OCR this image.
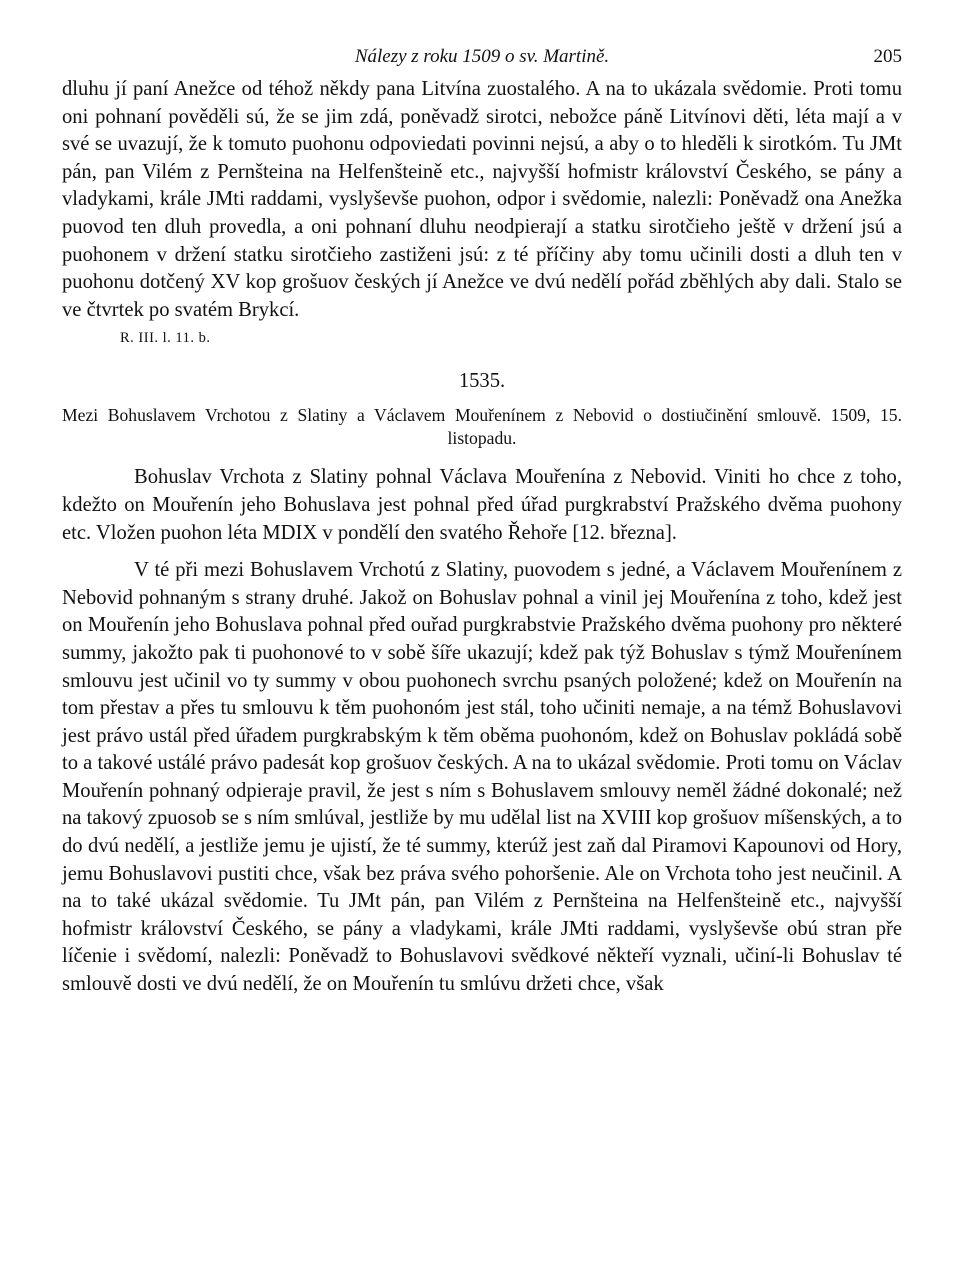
Nálezy z roku 1509 o sv. Martině.	205

dluhu jí paní Anežce od téhož někdy pana Litvína zuostalého. A na to ukázala svědomie. Proti tomu oni pohnaní pověděli sú, že se jim zdá, poněvadž sirotci, nebožce páně Litvínovi děti, léta mají a v své se uvazují, že k tomuto puohonu odpoviedati povinni nejsú, a aby o to hleděli k sirotkóm. Tu JMt pán, pan Vilém z Pernšteina na Helfenšteině etc., najvyšší hofmistr království Českého, se pány a vladykami, krále JMti raddami, vyslyševše puohon, odpor i svědomie, nalezli: Poněvadž ona Anežka puovod ten dluh provedla, a oni pohnaní dluhu neodpierají a statku sirotčieho ještě v držení jsú a puohonem v držení statku sirotčieho zastiženi jsú: z té příčiny aby tomu učinili dosti a dluh ten v puohonu dotčený XV kop grošuov českých jí Anežce ve dvú nedělí pořád zběhlých aby dali. Stalo se ve čtvrtek po svatém Brykcí.

R. III. l. 11. b.
1535.
Mezi Bohuslavem Vrchotou z Slatiny a Václavem Mouřenínem z Nebovid o dostiučinění smlouvě. 1509, 15. listopadu.

Bohuslav Vrchota z Slatiny pohnal Václava Mouřenína z Nebovid. Viniti ho chce z toho, kdežto on Mouřenín jeho Bohuslava jest pohnal před úřad purgkrabství Pražského dvěma puohony etc. Vložen puohon léta MDIX v pondělí den svatého Řehoře [12. března].

V té při mezi Bohuslavem Vrchotú z Slatiny, puovodem s jedné, a Václavem Mouřenínem z Nebovid pohnaným s strany druhé. Jakož on Bohuslav pohnal a vinil jej Mouřenína z toho, kdež jest on Mouřenín jeho Bohuslava pohnal před ouřad purgkrabstvie Pražského dvěma puohony pro některé summy, jakožto pak ti puohonové to v sobě šíře ukazují; kdež pak týž Bohuslav s týmž Mouřenínem smlouvu jest učinil vo ty summy v obou puohonech svrchu psaných položené; kdež on Mouřenín na tom přestav a přes tu smlouvu k těm puohonóm jest stál, toho učiniti nemaje, a na témž Bohuslavovi jest právo ustál před úřadem purgkrabským k těm oběma puohonóm, kdež on Bohuslav pokládá sobě to a takové ustálé právo padesát kop grošuov českých. A na to ukázal svědomie. Proti tomu on Václav Mouřenín pohnaný odpieraje pravil, že jest s ním s Bohuslavem smlouvy neměl žádné dokonalé; než na takový zpuosob se s ním smlúval, jestliže by mu udělal list na XVIII kop grošuov míšenských, a to do dvú nedělí, a jestliže jemu je ujistí, že té summy, kterúž jest zaň dal Piramovi Kapounovi od Hory, jemu Bohuslavovi pustiti chce, však bez práva svého pohoršenie. Ale on Vrchota toho jest neučinil. A na to také ukázal svědomie. Tu JMt pán, pan Vilém z Pernšteina na Helfenšteině etc., najvyšší hofmistr království Českého, se pány a vladykami, krále JMti raddami, vyslyševše obú stran pře líčenie i svědomí, nalezli: Poněvadž to Bohuslavovi svědkové někteří vyznali, učiní-li Bohuslav té smlouvě dosti ve dvú nedělí, že on Mouřenín tu smlúvu držeti chce, však
